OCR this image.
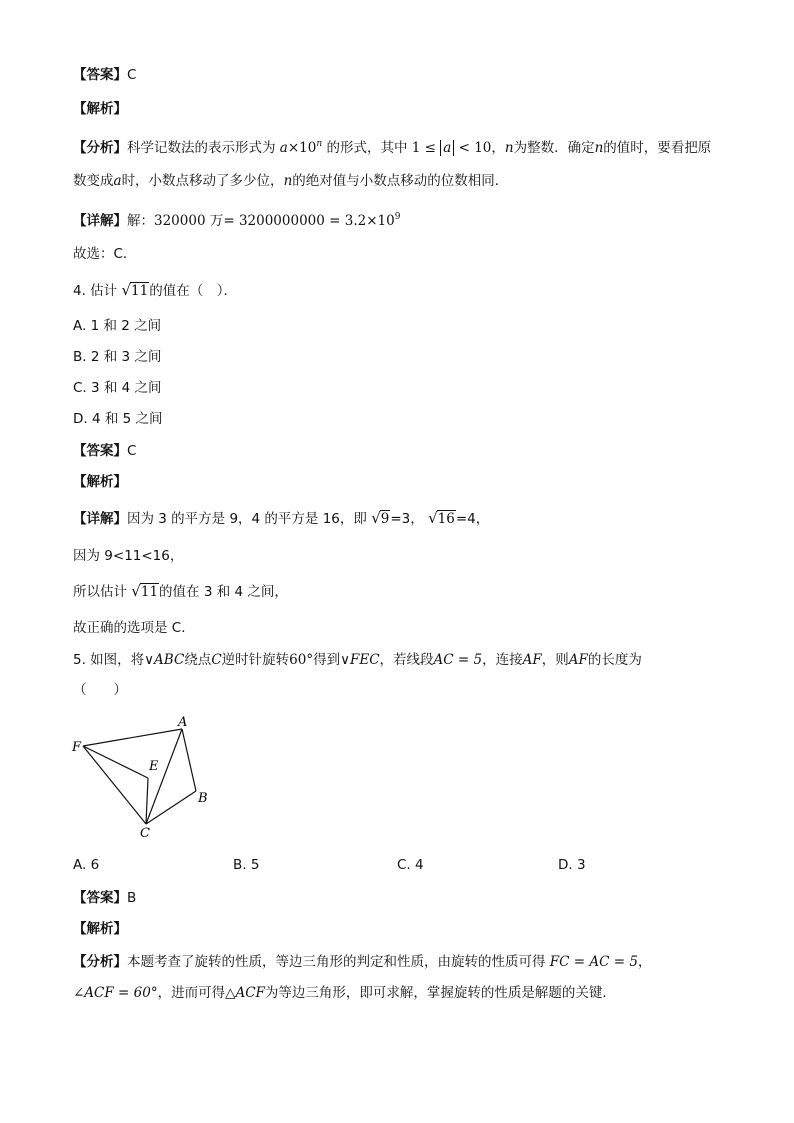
【答案】C
【解析】
【分析】科学记数法的表示形式为 $a\times 10^n$ 的形式，其中 1 ≤ a < 10，n为整数．确定n的值时，要看把原
数变成a时，小数点移动了多少位，n的绝对值与小数点移动的位数相同．
【详解】解：320000 万= $3200000000 = 3.2\times 10^9$
故选：C．
4. 估计 √11的值在（　）．
A. 1 和 2 之间
B. 2 和 3 之间
C. 3 和 4 之间
D. 4 和 5 之间
【答案】C
【解析】
【详解】因为 3 的平方是 9，4 的平方是 16，即 √9=3， √16=4，
因为 9<11<16，
所以估计 √11的值在 3 和 4 之间，
故正确的选项是 C．
5. 如图，将∨ABC绕点C逆时针旋转60°得到∨FEC，若线段AC = 5，连接AF，则AF的长度为
（　　）
A
B
C
E
F
A. 6	B. 5	C. 4	D. 3
【答案】B
【解析】
【分析】本题考查了旋转的性质，等边三角形的判定和性质，由旋转的性质可得 FC = AC = 5，
∠ACF = 60°，进而可得△ACF为等边三角形，即可求解，掌握旋转的性质是解题的关键．
